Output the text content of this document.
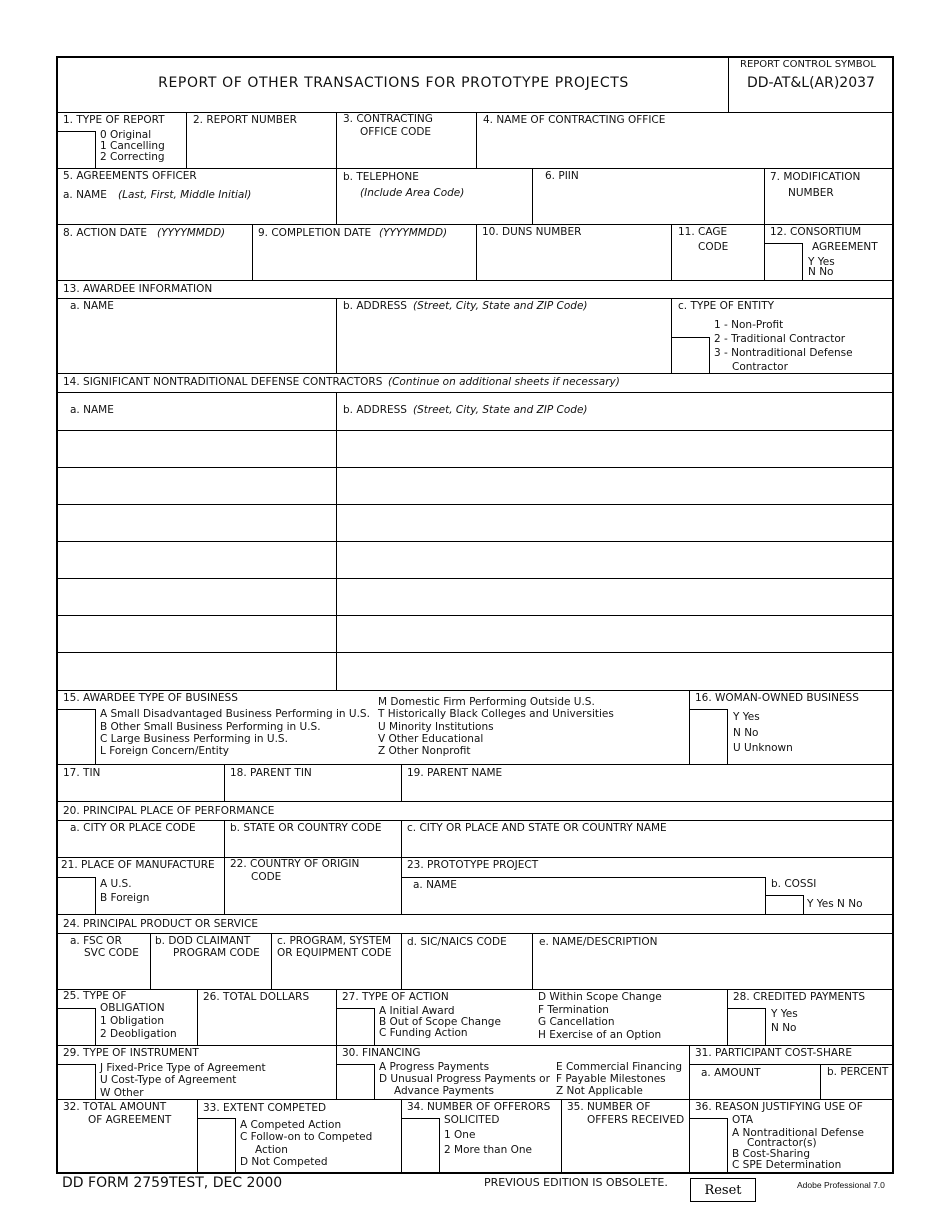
REPORT OF OTHER TRANSACTIONS FOR PROTOTYPE PROJECTS
REPORT CONTROL SYMBOL
DD-AT&L(AR)2037
1. TYPE OF REPORT
0 Original
1 Cancelling
2 Correcting
2. REPORT NUMBER	3. CONTRACTING
OFFICE CODE
4. NAME OF CONTRACTING OFFICE
5. AGREEMENTS OFFICER
a. NAME (Last, First, Middle Initial)
b. TELEPHONE
(Include Area Code)
6. PIIN	7. MODIFICATION
NUMBER
8. ACTION DATE (YYYYMMDD)	9. COMPLETION DATE (YYYYMMDD)	10. DUNS NUMBER	11. CAGE
CODE
12. CONSORTIUM
AGREEMENT
Y Yes
N No
13. AWARDEE INFORMATION
a. NAME	b. ADDRESS (Street, City, State and ZIP Code)	c. TYPE OF ENTITY
1 - Non-Profit
2 - Traditional Contractor
3 - Nontraditional Defense
Contractor
14. SIGNIFICANT NONTRADITIONAL DEFENSE CONTRACTORS (Continue on additional sheets if necessary)
a. NAME	b. ADDRESS (Street, City, State and ZIP Code)
15. AWARDEE TYPE OF BUSINESS
A Small Disadvantaged Business Performing in U.S.
B Other Small Business Performing in U.S.
C Large Business Performing in U.S.
L Foreign Concern/Entity
M Domestic Firm Performing Outside U.S.
T Historically Black Colleges and Universities
U Minority Institutions
V Other Educational
Z Other Nonprofit
16. WOMAN-OWNED BUSINESS
Y Yes
N No
U Unknown
17. TIN	18. PARENT TIN	19. PARENT NAME
20. PRINCIPAL PLACE OF PERFORMANCE
a. CITY OR PLACE CODE	b. STATE OR COUNTRY CODE c. CITY OR PLACE AND STATE OR COUNTRY NAME
21. PLACE OF MANUFACTURE
A U.S.
B Foreign
22. COUNTRY OF ORIGIN
CODE
23. PROTOTYPE PROJECT
a. NAME	b. COSSI
Y Yes N No
24. PRINCIPAL PRODUCT OR SERVICE
a. FSC OR
SVC CODE
b. DOD CLAIMANT
PROGRAM CODE
c. PROGRAM, SYSTEM
OR EQUIPMENT CODE
d. SIC/NAICS CODE	e. NAME/DESCRIPTION
25. TYPE OF
OBLIGATION
1 Obligation
2 Deobligation
26. TOTAL DOLLARS	27. TYPE OF ACTION
A Initial Award
B Out of Scope Change
C Funding Action
D Within Scope Change
F Termination
G Cancellation
H Exercise of an Option
28. CREDITED PAYMENTS
Y Yes
N No
29. TYPE OF INSTRUMENT
J Fixed-Price Type of Agreement
U Cost-Type of Agreement
W Other
30. FINANCING
A Progress Payments
D Unusual Progress Payments or
Advance Payments
E Commercial Financing
F Payable Milestones
Z Not Applicable
31. PARTICIPANT COST-SHARE
a. AMOUNT	b. PERCENT
32. TOTAL AMOUNT
OF AGREEMENT
33. EXTENT COMPETED
A Competed Action
C Follow-on to Competed
Action
D Not Competed
34. NUMBER OF OFFERORS
SOLICITED
1 One
2 More than One
35. NUMBER OF
OFFERS RECEIVED
36. REASON JUSTIFYING USE OF
OTA
A Nontraditional Defense
Contractor(s)
B Cost-Sharing
C SPE Determination
DD FORM 2759TEST, DEC 2000	PREVIOUS EDITION IS OBSOLETE.	Reset	Adobe Professional 7.0
